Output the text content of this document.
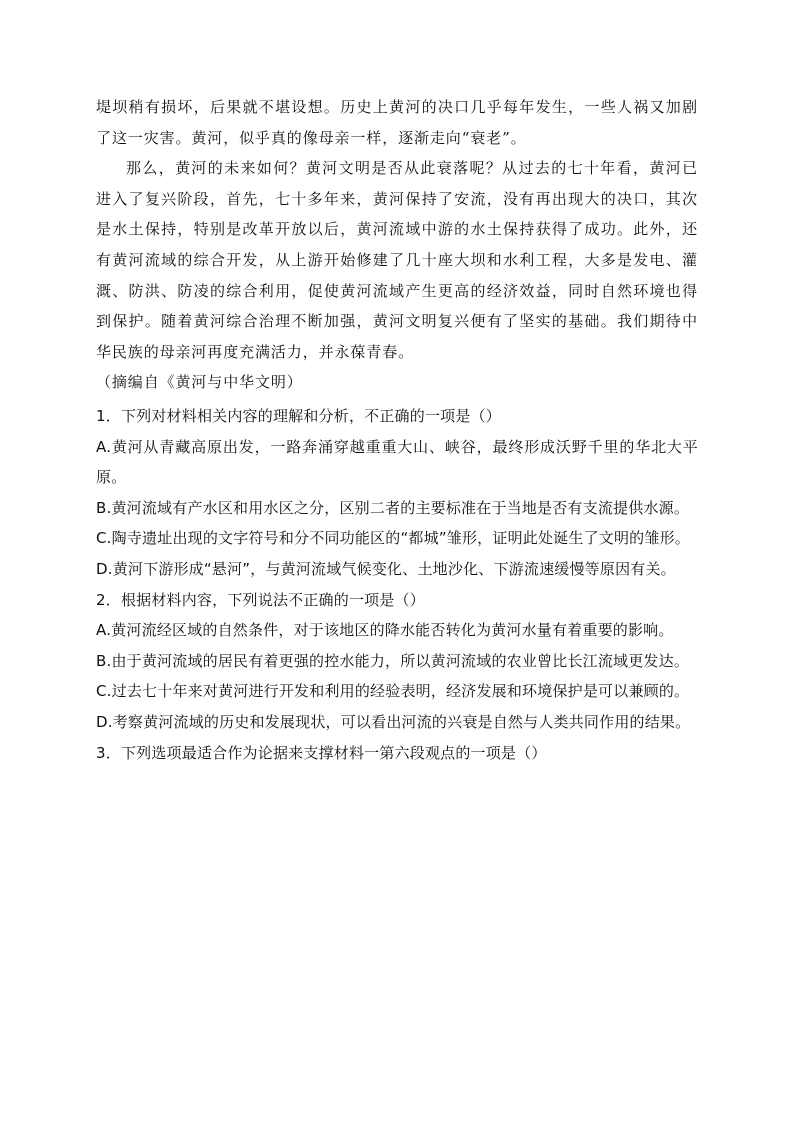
堤坝稍有损坏，后果就不堪设想。历史上黄河的决口几乎每年发生，一些人祸又加剧了这一灾害。黄河，似乎真的像母亲一样，逐渐走向“衰老”。

那么，黄河的未来如何？黄河文明是否从此衰落呢？从过去的七十年看，黄河已进入了复兴阶段，首先，七十多年来，黄河保持了安流，没有再出现大的决口，其次是水土保持，特别是改革开放以后，黄河流域中游的水土保持获得了成功。此外，还有黄河流域的综合开发，从上游开始修建了几十座大坝和水利工程，大多是发电、灌溉、防洪、防凌的综合利用，促使黄河流域产生更高的经济效益，同时自然环境也得到保护。随着黄河综合治理不断加强，黄河文明复兴便有了坚实的基础。我们期待中华民族的母亲河再度充满活力，并永葆青春。

（摘编自《黄河与中华文明）

1．下列对材料相关内容的理解和分析，不正确的一项是（）
A.黄河从青藏高原出发，一路奔涌穿越重重大山、峡谷，最终形成沃野千里的华北大平原。
B.黄河流域有产水区和用水区之分，区别二者的主要标准在于当地是否有支流提供水源。
C.陶寺遗址出现的文字符号和分不同功能区的“都城”雏形，证明此处诞生了文明的雏形。
D.黄河下游形成“悬河”，与黄河流域气候变化、土地沙化、下游流速缓慢等原因有关。
2．根据材料内容，下列说法不正确的一项是（）
A.黄河流经区域的自然条件，对于该地区的降水能否转化为黄河水量有着重要的影响。
B.由于黄河流域的居民有着更强的控水能力，所以黄河流域的农业曾比长江流域更发达。
C.过去七十年来对黄河进行开发和利用的经验表明，经济发展和环境保护是可以兼顾的。
D.考察黄河流域的历史和发展现状，可以看出河流的兴衰是自然与人类共同作用的结果。
3．下列选项最适合作为论据来支撑材料一第六段观点的一项是（）
